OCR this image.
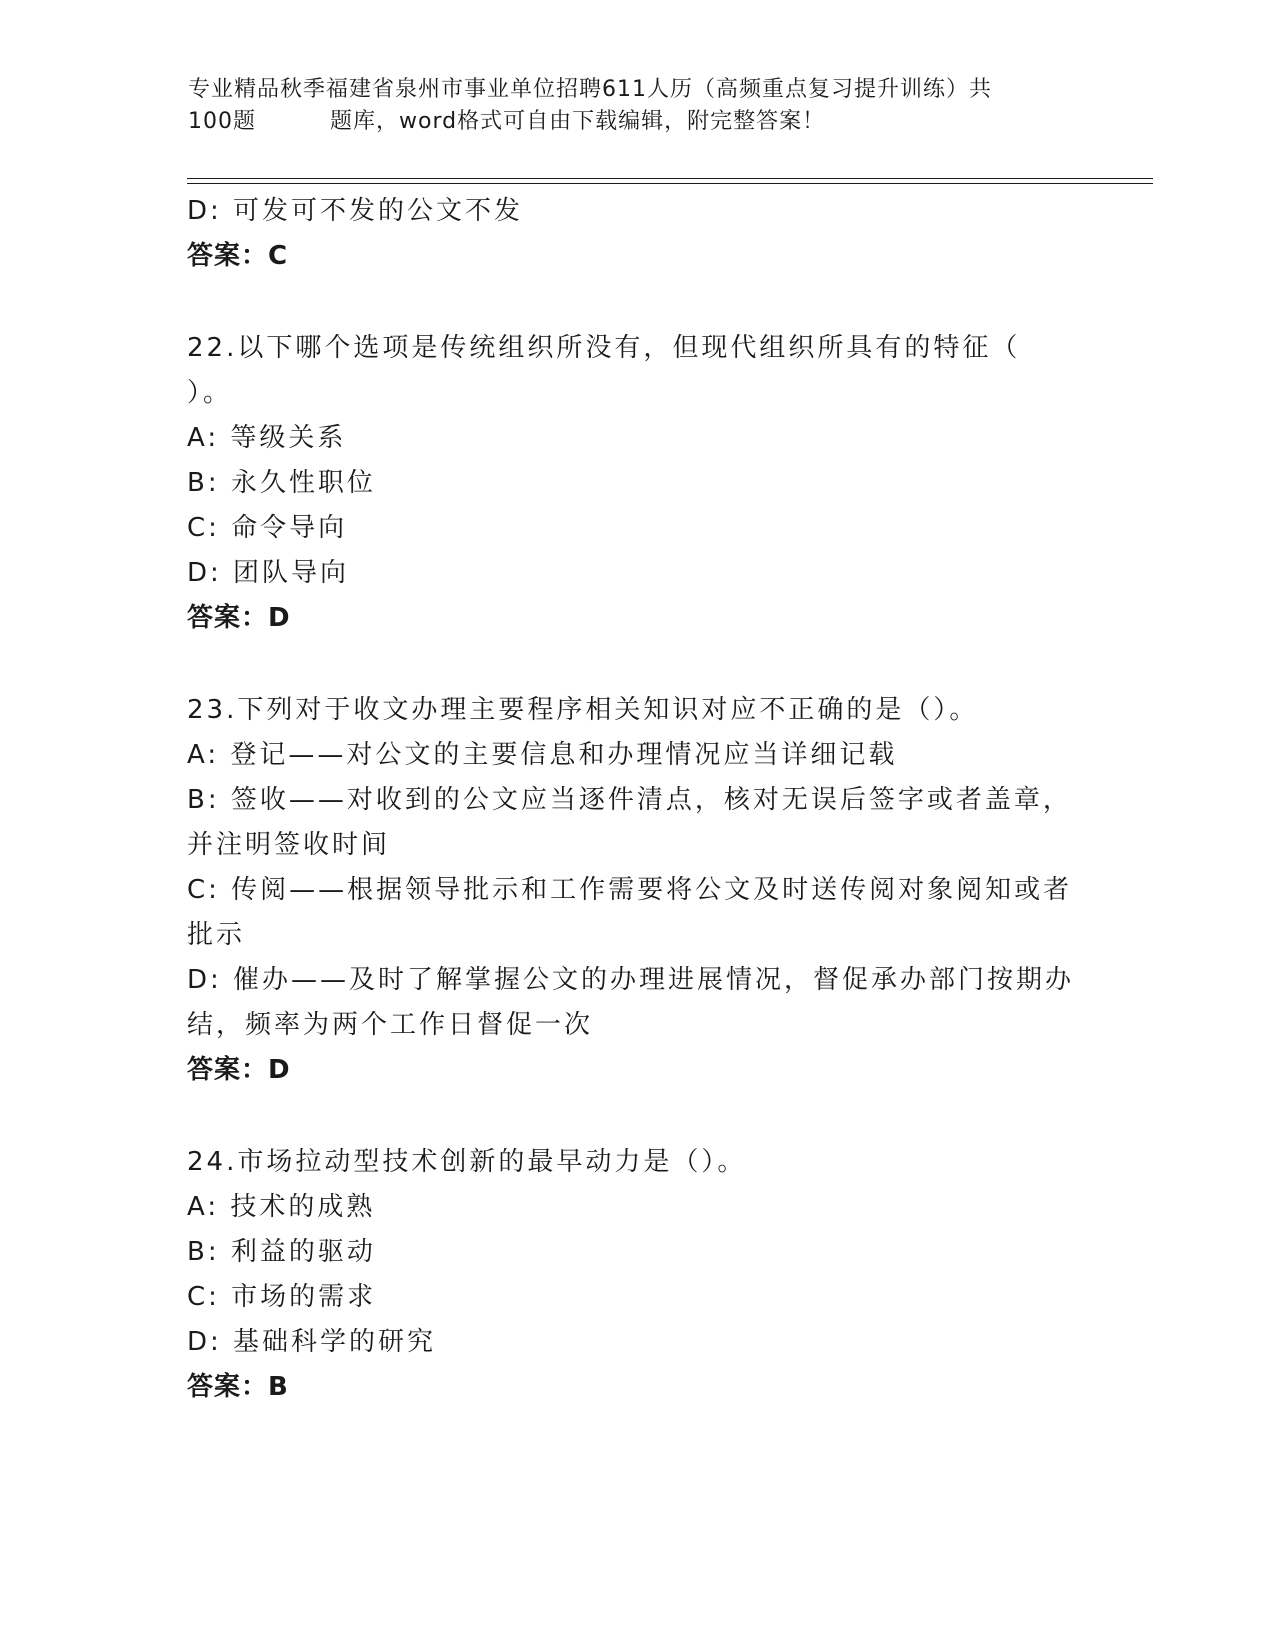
专业精品秋季福建省泉州市事业单位招聘611人历（高频重点复习提升训练）共
100题	题库，word格式可自由下载编辑，附完整答案！
D: 可发可不发的公文不发
答案：C
22.以下哪个选项是传统组织所没有，但现代组织所具有的特征（
）。
A: 等级关系
B: 永久性职位
C: 命令导向
D: 团队导向
答案：D
23.下列对于收文办理主要程序相关知识对应不正确的是（）。
A: 登记——对公文的主要信息和办理情况应当详细记载
B: 签收——对收到的公文应当逐件清点，核对无误后签字或者盖章，
并注明签收时间
C: 传阅——根据领导批示和工作需要将公文及时送传阅对象阅知或者
批示
D: 催办——及时了解掌握公文的办理进展情况，督促承办部门按期办
结，频率为两个工作日督促一次
答案：D
24.市场拉动型技术创新的最早动力是（）。
A: 技术的成熟
B: 利益的驱动
C: 市场的需求
D: 基础科学的研究
答案：B
